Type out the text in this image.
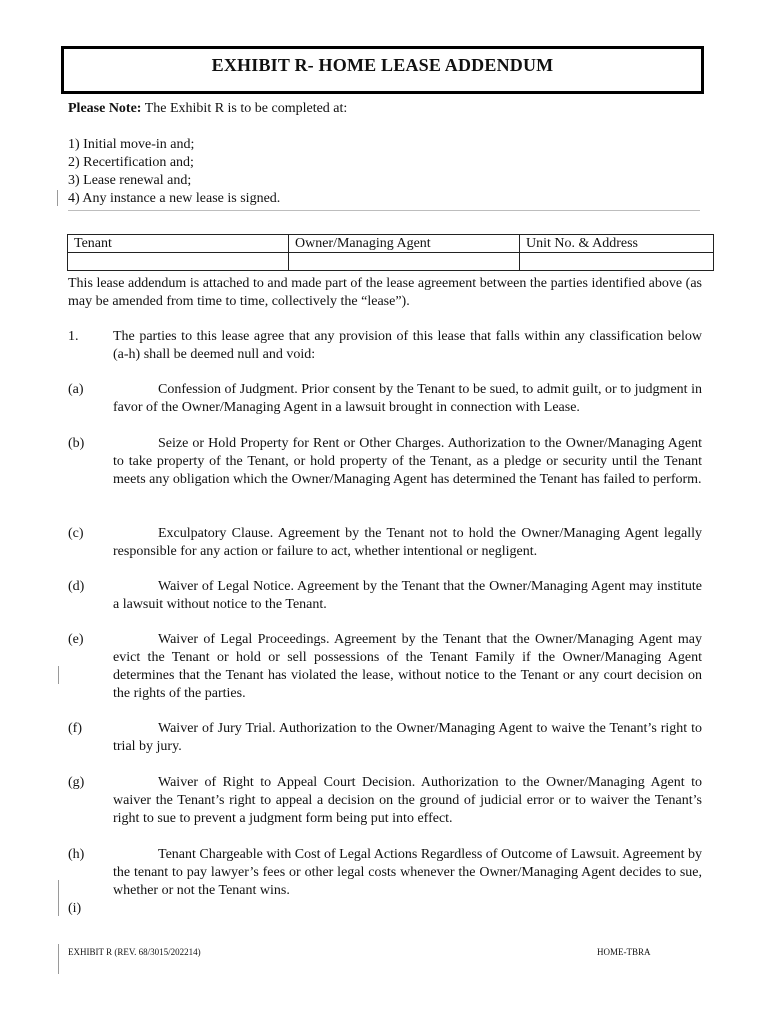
EXHIBIT R- HOME LEASE ADDENDUM
Please Note: The Exhibit R is to be completed at:
1) Initial move-in and;
2) Recertification and;
3) Lease renewal and;
4) Any instance a new lease is signed.
Tenant	Owner/Managing Agent	Unit No. & Address

This lease addendum is attached to and made part of the lease agreement between the parties identified above (as may be amended from time to time, collectively the “lease”).
1. The parties to this lease agree that any provision of this lease that falls within any classification below (a-h) shall be deemed null and void:
(a)	Confession of Judgment. Prior consent by the Tenant to be sued, to admit guilt, or to judgment in favor of the Owner/Managing Agent in a lawsuit brought in connection with Lease.
(b)	Seize or Hold Property for Rent or Other Charges. Authorization to the Owner/Managing Agent to take property of the Tenant, or hold property of the Tenant, as a pledge or security until the Tenant meets any obligation which the Owner/Managing Agent has determined the Tenant has failed to perform.
(c)	Exculpatory Clause. Agreement by the Tenant not to hold the Owner/Managing Agent legally responsible for any action or failure to act, whether intentional or negligent.
(d)	Waiver of Legal Notice. Agreement by the Tenant that the Owner/Managing Agent may institute a lawsuit without notice to the Tenant.
(e)	Waiver of Legal Proceedings. Agreement by the Tenant that the Owner/Managing Agent may evict the Tenant or hold or sell possessions of the Tenant Family if the Owner/Managing Agent determines that the Tenant has violated the lease, without notice to the Tenant or any court decision on the rights of the parties.
(f)	Waiver of Jury Trial. Authorization to the Owner/Managing Agent to waive the Tenant’s right to trial by jury.
(g)	Waiver of Right to Appeal Court Decision. Authorization to the Owner/Managing Agent to waiver the Tenant’s right to appeal a decision on the ground of judicial error or to waiver the Tenant’s right to sue to prevent a judgment form being put into effect.
(h)	Tenant Chargeable with Cost of Legal Actions Regardless of Outcome of Lawsuit. Agreement by the tenant to pay lawyer’s fees or other legal costs whenever the Owner/Managing Agent decides to sue, whether or not the Tenant wins.
(i)
EXHIBIT R (REV. 68/3015/202214)	HOME-TBRA
